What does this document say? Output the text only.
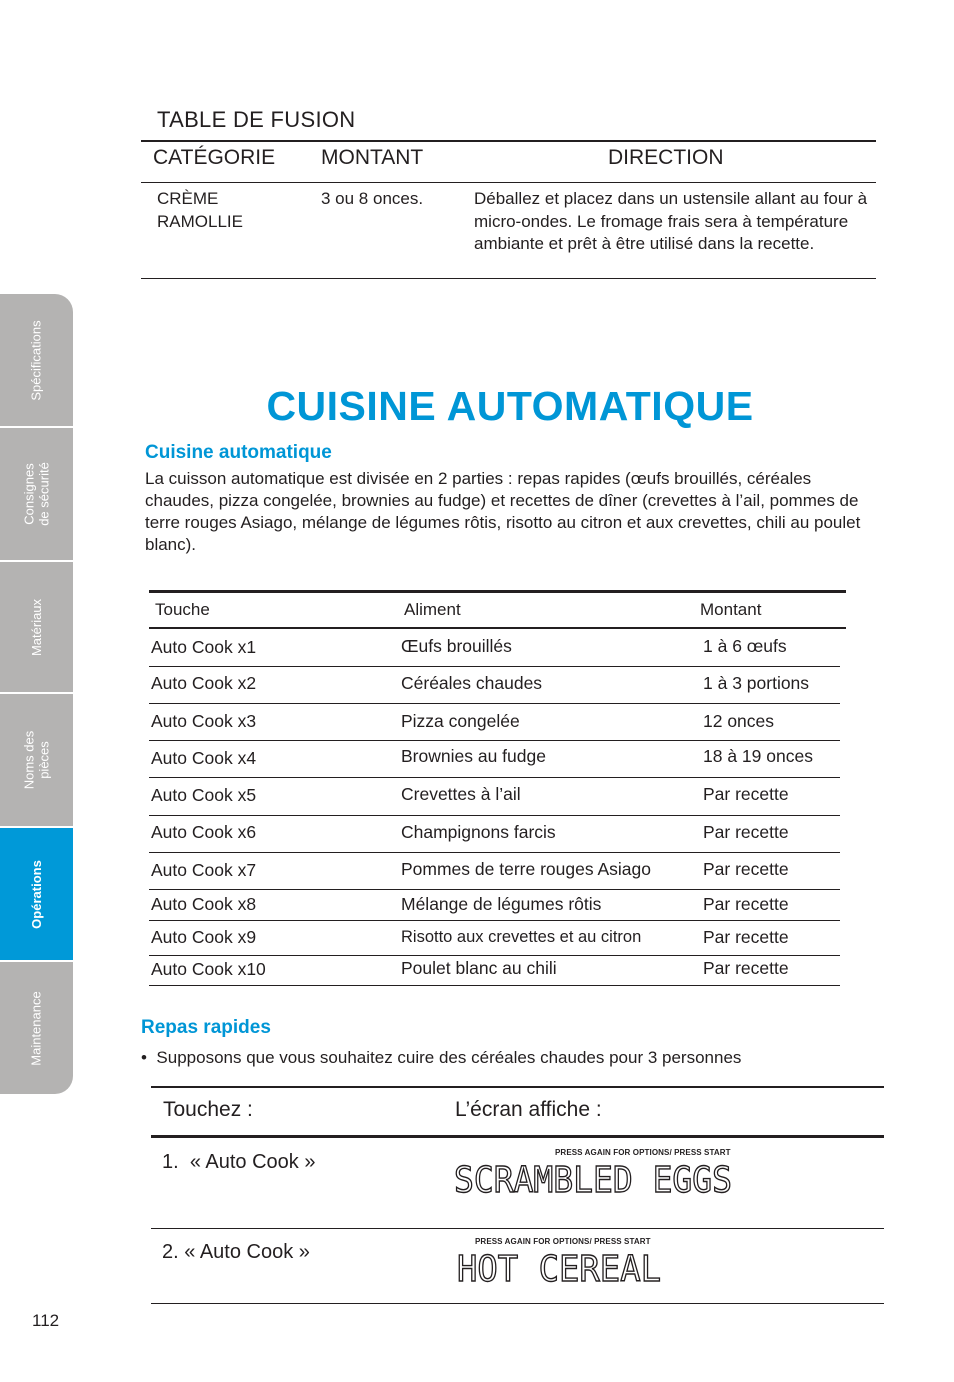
Spécifications
Consignes de sécurité
Matériaux
Noms des pièces
Opérations
Maintenance
TABLE DE FUSION
CATÉGORIE MONTANT	DIRECTION
CRÈME
RAMOLLIE
3 ou 8 onces.	Déballez et placez dans un ustensile allant au four à micro-ondes. Le fromage frais sera à température ambiante et prêt à être utilisé dans la recette.
CUISINE AUTOMATIQUE
Cuisine automatique
La cuisson automatique est divisée en 2 parties : repas rapides (œufs brouillés, céréales chaudes, pizza congelée, brownies au fudge) et recettes de dîner (crevettes à l’ail, pommes de terre rouges Asiago, mélange de légumes rôtis, risotto au citron et aux crevettes, chili au poulet blanc).
Touche	Aliment	Montant
Auto Cook x1	Œufs brouillés	1 à 6 œufs
Auto Cook x2	Céréales chaudes	1 à 3 portions
Auto Cook x3	Pizza congelée	12 onces
Auto Cook x4	Brownies au fudge	18 à 19 onces
Auto Cook x5	Crevettes à l’ail	Par recette
Auto Cook x6	Champignons farcis	Par recette
Auto Cook x7	Pommes de terre rouges Asiago	Par recette
Auto Cook x8	Mélange de légumes rôtis	Par recette
Auto Cook x9	Risotto aux crevettes et au citron	Par recette
Auto Cook x10	Poulet blanc au chili	Par recette
Repas rapides
•  Supposons que vous souhaitez cuire des céréales chaudes pour 3 personnes
Touchez :	L’écran affiche :
1. « Auto Cook »	PRESS AGAIN FOR OPTIONS/ PRESS START
SCRAMBLED EGGS
2. « Auto Cook »	PRESS AGAIN FOR OPTIONS/ PRESS START
HOT CEREAL
112
